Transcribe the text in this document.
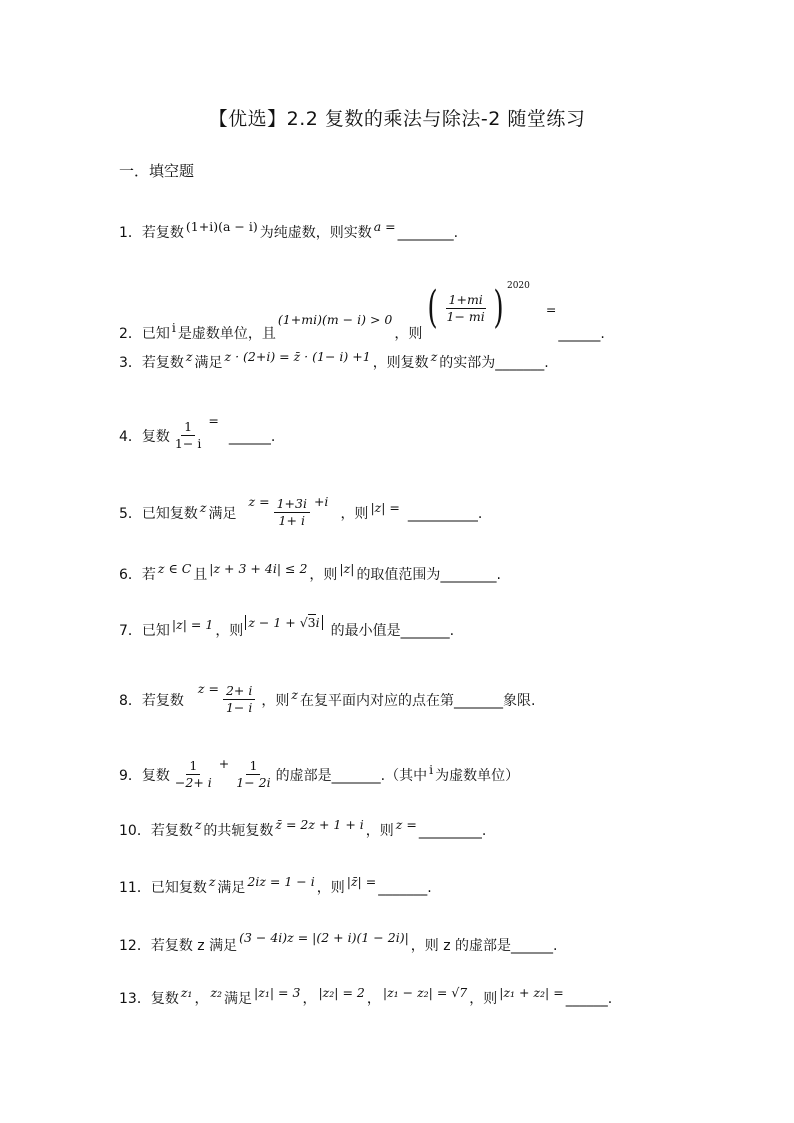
【优选】2.2 复数的乘法与除法-2 随堂练习
一．填空题
1．若复数 (1+i)(a − i) 为纯虚数，则实数 a = ________.
2．已知 i 是虚数单位，且
(1+mi)(m − i) > 0
，则
( $\frac{1+mi}{1- mi}$ ) 2020
=
______.
3．若复数 z 满足 z · (2+i) = z̄ · (1− i) +1 ，则复数 z 的实部为 _______.
4．复数 $\frac{1}{1- i}$ =
______.
5．已知复数 z 满足
$z = \frac{1+3i}{1+ i} +i$
，则 |z| = __________.
6．若 z ∈ C 且 |z + 3 + 4i| ≤ 2 ，则 |z| 的取值范围为 ________.
7．已知 |z| = 1 ，则
z − 1 + √3i
的最小值是 _______.
8．若复数
$z = \frac{2+ i}{1- i}$ ，则 z 在复平面内对应的点在第 _______ 象限.
9．复数 $\frac{1}{-2+ i} + \frac{1}{1- 2i}$ 的虚部是 _______. （其中 i 为虚数单位）
10．若复数 z 的共轭复数 z̄ = 2z + 1 + i ，则 z = _________.
11．已知复数 z 满足 2iz = 1 − i ，则 |z̄| = _______.
12．若复数 z 满足
(3 − 4i)z = |(2 + i)(1 − 2i)|
，则 z 的虚部是 ______.
13．复数 z₁ ， z₂ 满足 |z₁| = 3 ， |z₂| = 2 ， |z₁ − z₂| = √7 ，则 |z₁ + z₂| = ______.
